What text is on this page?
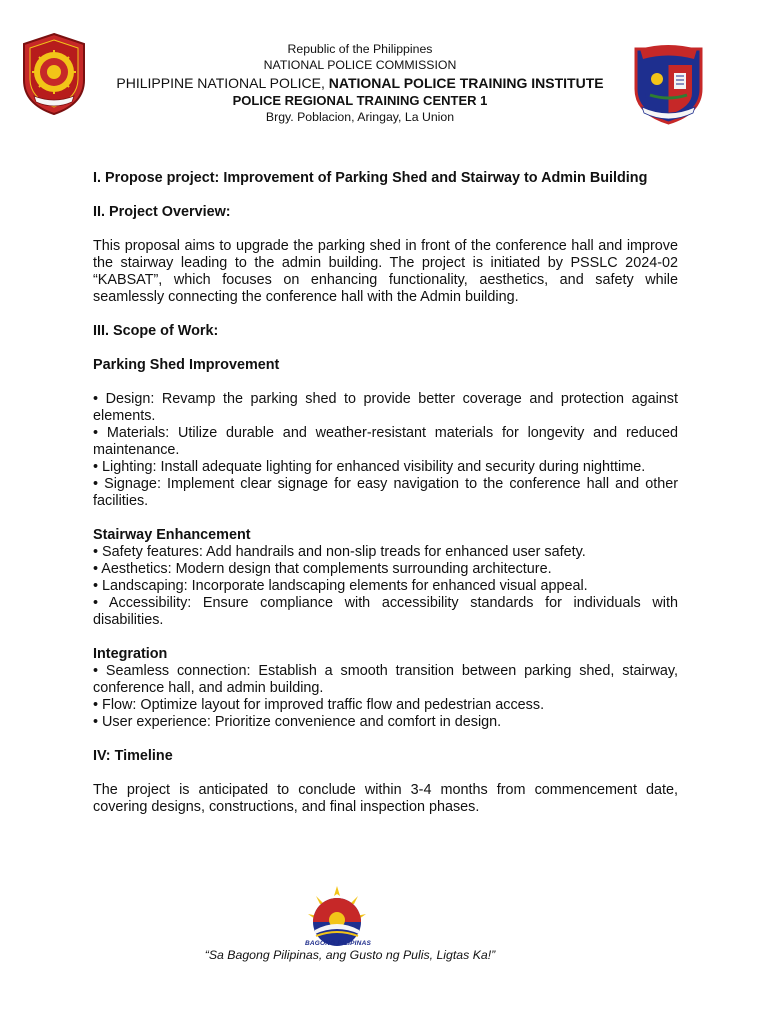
Republic of the Philippines
NATIONAL POLICE COMMISSION
PHILIPPINE NATIONAL POLICE, NATIONAL POLICE TRAINING INSTITUTE
POLICE REGIONAL TRAINING CENTER 1
Brgy. Poblacion, Aringay, La Union

I. Propose project: Improvement of Parking Shed and Stairway to Admin Building

II. Project Overview:

This proposal aims to upgrade the parking shed in front of the conference hall and improve the stairway leading to the admin building. The project is initiated by PSSLC 2024-02 “KABSAT”, which focuses on enhancing functionality, aesthetics, and safety while seamlessly connecting the conference hall with the Admin building.

III. Scope of Work:

Parking Shed Improvement

• Design: Revamp the parking shed to provide better coverage and protection against elements.
• Materials: Utilize durable and weather-resistant materials for longevity and reduced maintenance.
• Lighting: Install adequate lighting for enhanced visibility and security during nighttime.
• Signage: Implement clear signage for easy navigation to the conference hall and other facilities.

Stairway Enhancement

• Safety features: Add handrails and non-slip treads for enhanced user safety.
• Aesthetics: Modern design that complements surrounding architecture.
• Landscaping: Incorporate landscaping elements for enhanced visual appeal.
• Accessibility: Ensure compliance with accessibility standards for individuals with disabilities.

Integration

• Seamless connection: Establish a smooth transition between parking shed, stairway, conference hall, and admin building.
• Flow: Optimize layout for improved traffic flow and pedestrian access.
• User experience: Prioritize convenience and comfort in design.

IV: Timeline

The project is anticipated to conclude within 3-4 months from commencement date, covering designs, constructions, and final inspection phases.

BAGONG PILIPINAS
“Sa Bagong Pilipinas, ang Gusto ng Pulis, Ligtas Ka!”
